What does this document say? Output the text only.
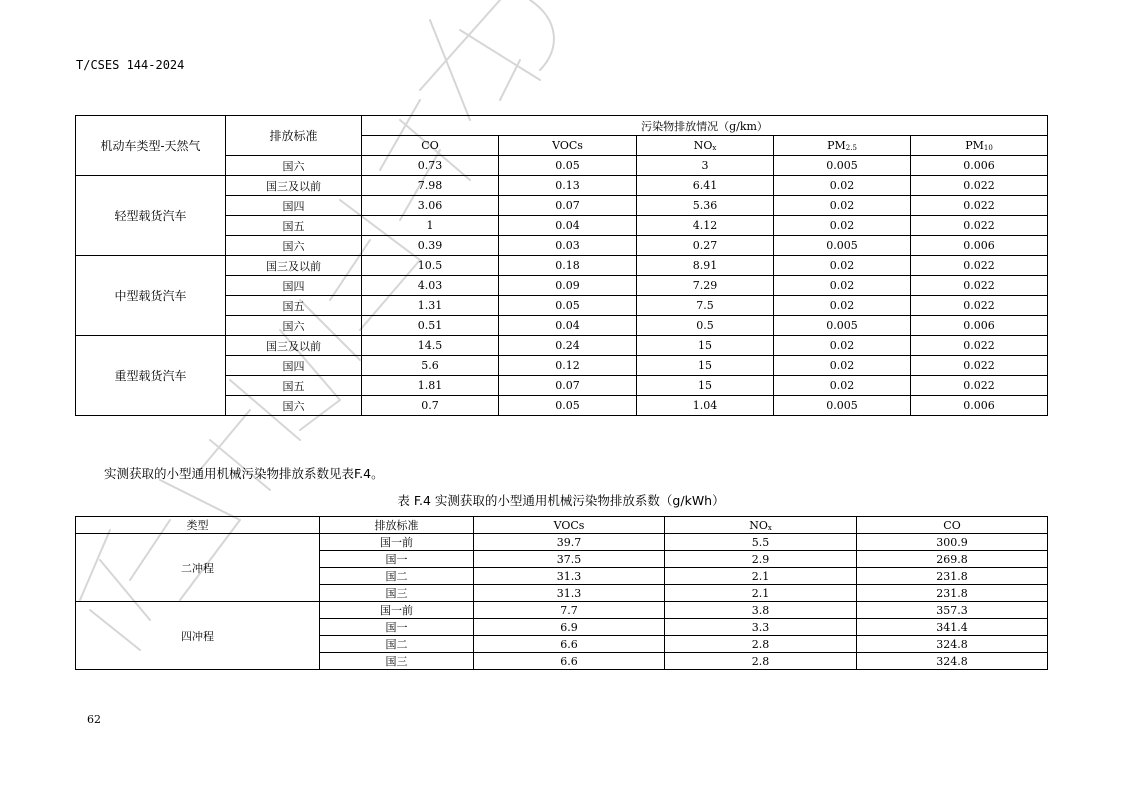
T/CSES 144-2024
机动车类型-天然气	排放标准	污染物排放情况（g/km）				
		CO	VOCs	$NO_x$	$PM_{2.5}$	$PM_{10}$
	国六	0.73	0.05	3	0.005	0.006
轻型载货汽车	国三及以前	7.98	0.13	6.41	0.02	0.022
	国四	3.06	0.07	5.36	0.02	0.022
	国五	1	0.04	4.12	0.02	0.022
	国六	0.39	0.03	0.27	0.005	0.006
中型载货汽车	国三及以前	10.5	0.18	8.91	0.02	0.022
	国四	4.03	0.09	7.29	0.02	0.022
	国五	1.31	0.05	7.5	0.02	0.022
	国六	0.51	0.04	0.5	0.005	0.006
重型载货汽车	国三及以前	14.5	0.24	15	0.02	0.022
	国四	5.6	0.12	15	0.02	0.022
	国五	1.81	0.07	15	0.02	0.022
	国六	0.7	0.05	1.04	0.005	0.006
实测获取的小型通用机械污染物排放系数见表F.4。
表 F.4 实测获取的小型通用机械污染物排放系数（g/kWh）
类型	排放标准	VOCs	$NO_x$	CO
二冲程	国一前	39.7	5.5	300.9
	国一	37.5	2.9	269.8
	国二	31.3	2.1	231.8
	国三	31.3	2.1	231.8
四冲程	国一前	7.7	3.8	357.3
	国一	6.9	3.3	341.4
	国二	6.6	2.8	324.8
	国三	6.6	2.8	324.8
62
